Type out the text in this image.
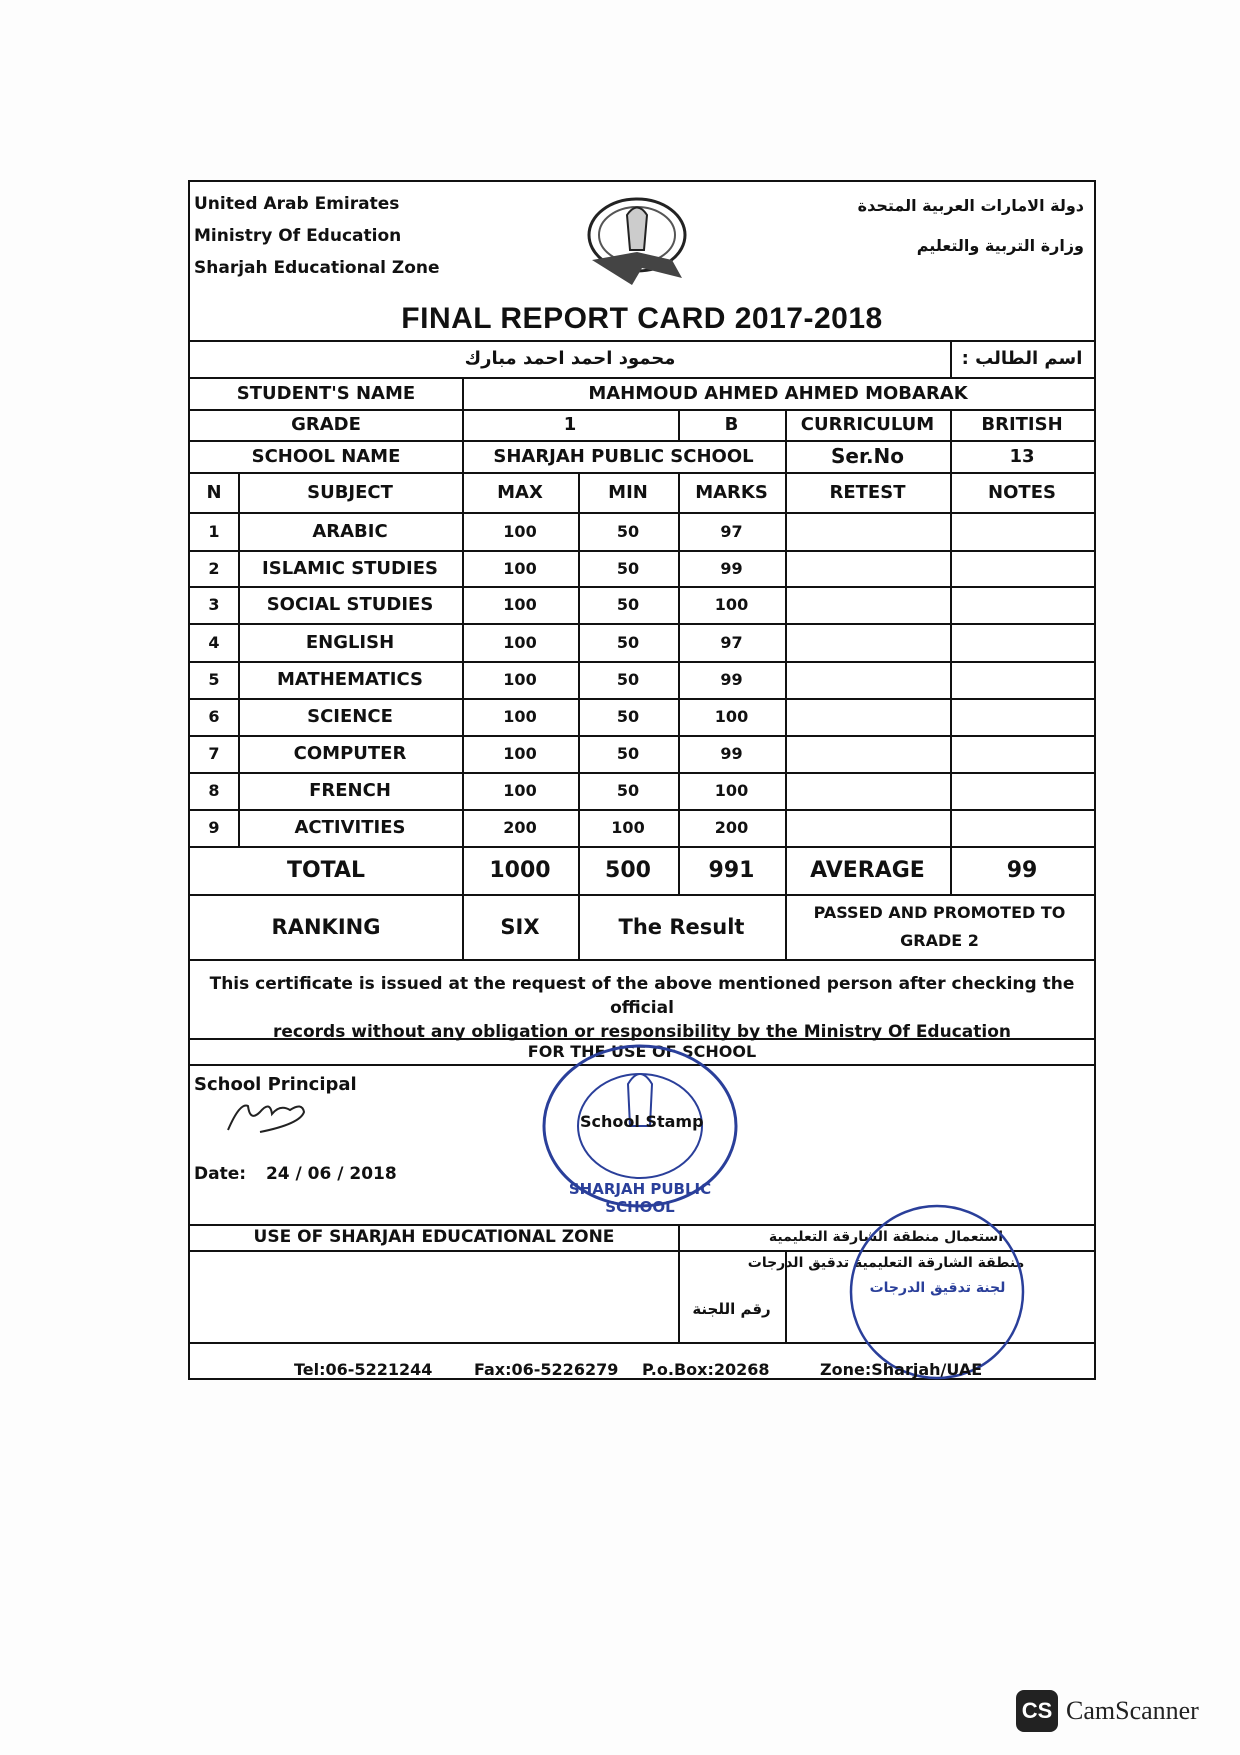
United Arab Emirates
Ministry Of Education
Sharjah Educational Zone
دولة الامارات العربية المتحدة
وزارة التربية والتعليم
FINAL REPORT CARD 2017-2018
محمود احمد احمد مبارك	اسم الطالب :
STUDENT'S NAME	MAHMOUD AHMED AHMED MOBARAK
GRADE	1	B	CURRICULUM	BRITISH
SCHOOL NAME	SHARJAH PUBLIC SCHOOL	Ser.No	13
N	SUBJECT	MAX	MIN	MARKS	RETEST	NOTES
1	ARABIC	100	50	97
2	ISLAMIC STUDIES	100	50	99
3	SOCIAL STUDIES	100	50	100
4	ENGLISH	100	50	97
5	MATHEMATICS	100	50	99
6	SCIENCE	100	50	100
7	COMPUTER	100	50	99
8	FRENCH	100	50	100
9	ACTIVITIES	200	100	200
TOTAL	1000	500	991	AVERAGE	99
RANKING	SIX	The Result
PASSED AND PROMOTED TO
GRADE 2
This certificate is issued at the request of the above mentioned person after checking the official
records without any obligation or responsibility by the Ministry Of Education
FOR THE USE OF SCHOOL
School Principal
Date: 24 / 06 / 2018
School Stamp
SHARJAH PUBLIC SCHOOL
USE OF SHARJAH EDUCATIONAL ZONE	استعمال منطقة الشارقة التعليمية
منطقة الشارقة التعليمية تدقيق الدرجات
رقم اللجنة
لجنة تدقيق الدرجات
Tel:06-5221244	Fax:06-5226279 P.o.Box:20268	Zone:Sharjah/UAE
CS CamScanner
